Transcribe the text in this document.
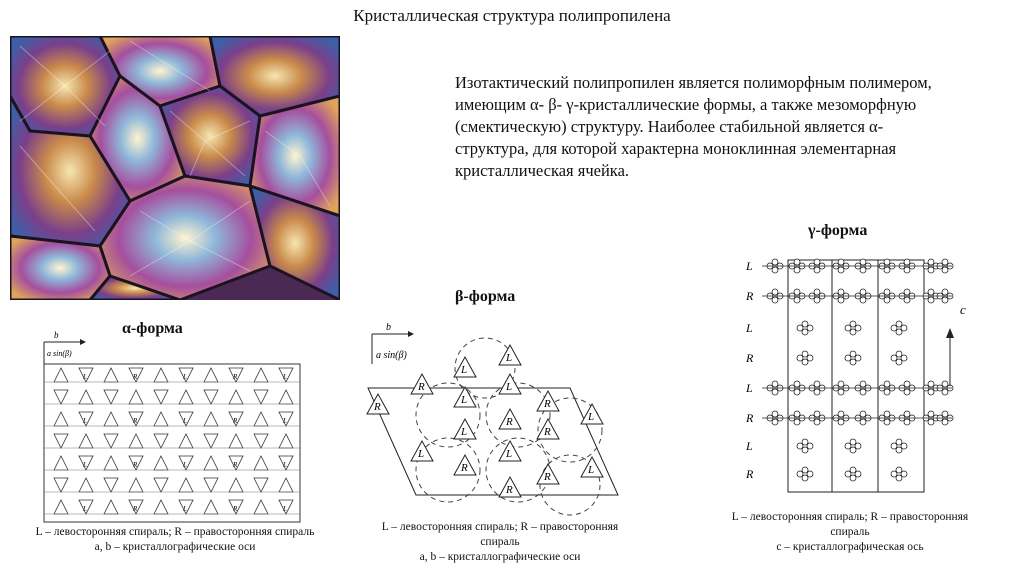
Кристаллическая структура полипропилена
Изотактический полипропилен является полиморфным полимером, имеющим α- β- γ-кристаллические формы, а также мезоморфную (смектическую) структуру. Наиболее стабильной является α-структура, для которой характерна моноклинная элементарная кристаллическая ячейка.
α-форма
b
a sin(β)
L	R	L	R	L
L	R	L	R	L
L	R	L	R	L
L	R	L	R	L
L – левосторонняя спираль; R – правосторонняя спираль
a, b – кристаллографические оси
β-форма
b
a sin(β)	L
L
R
R
L
L
R
L
R
R
L
L
R
L
L
R
R
L – левосторонняя спираль; R – правосторонняя
спираль
a, b – кристаллографические оси
γ-форма
L
R
L
R
L
R
L
R
c
L – левосторонняя спираль; R – правосторонняя
спираль
c – кристаллографическая ось
